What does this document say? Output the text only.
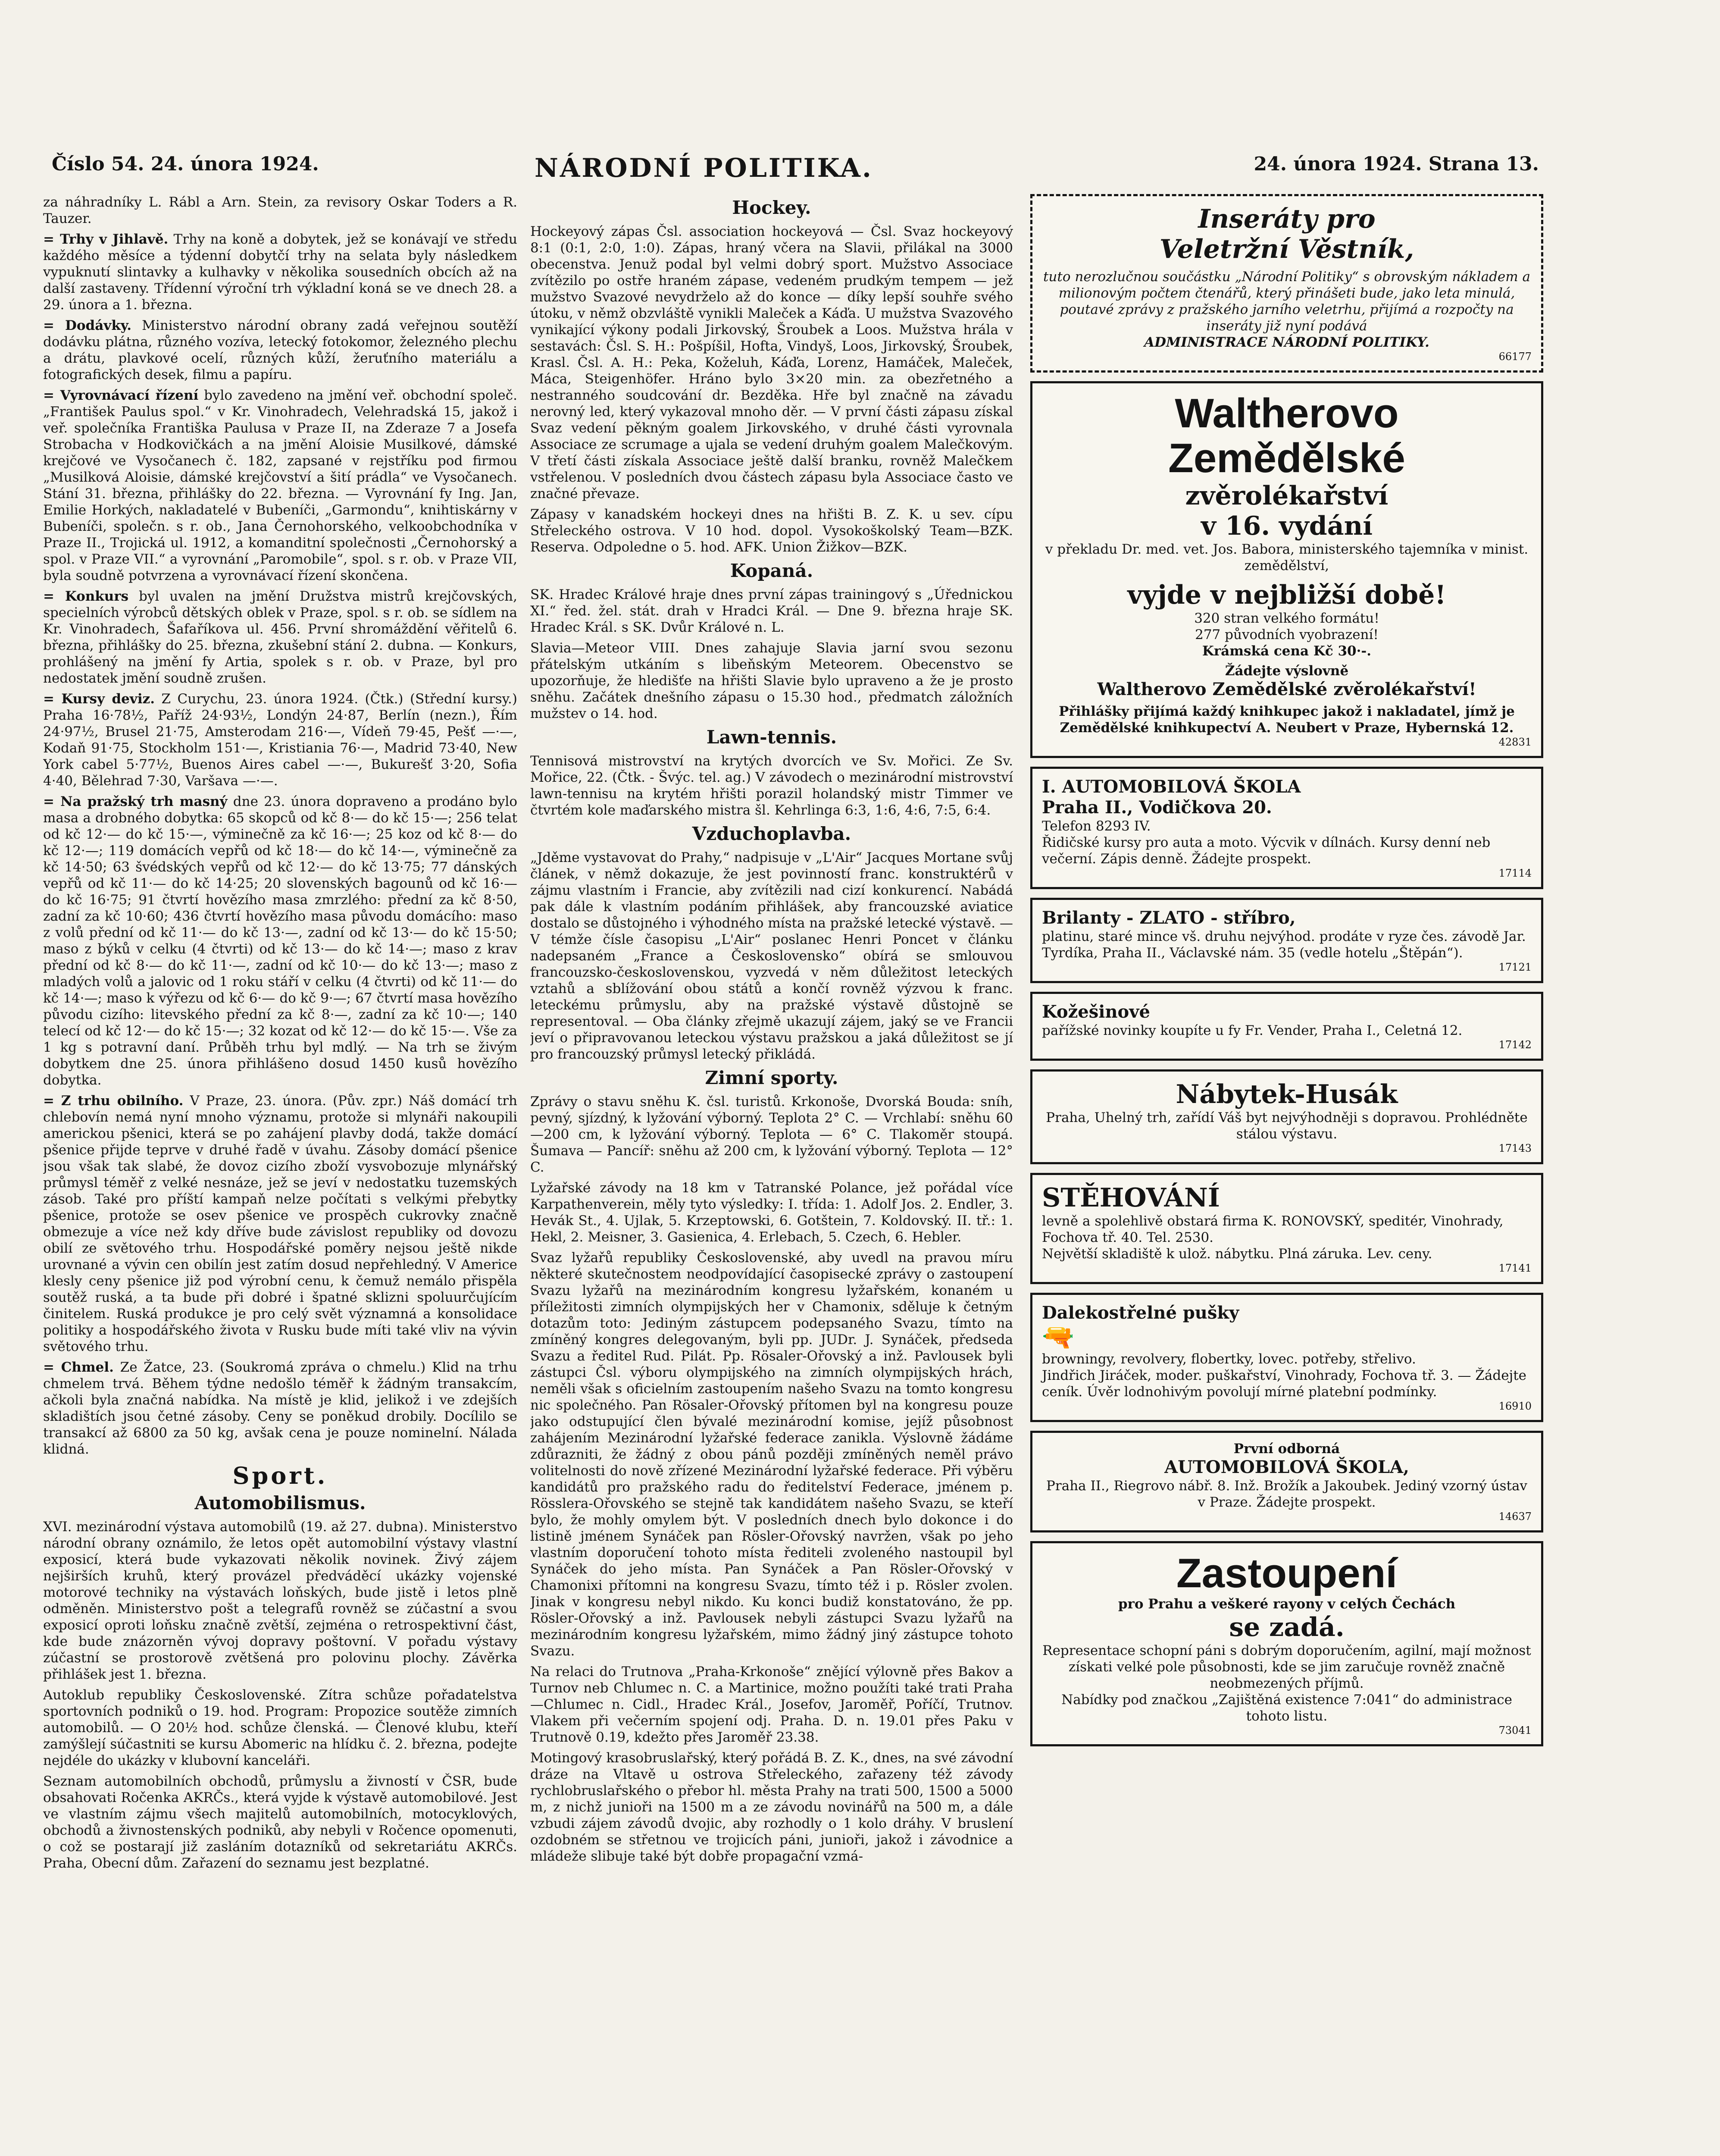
Číslo 54. 24. února 1924.	NÁRODNÍ POLITIKA.	24. února 1924. Strana 13.

za náhradníky L. Rábl a Arn. Stein, za revisory Oskar Toders a R. Tauzer.

= Trhy v Jihlavě. Trhy na koně a dobytek, jež se konávají ve středu každého měsíce a týdenní dobytčí trhy na selata byly následkem vypuknutí slintavky a kulhavky v několika sousedních obcích až na další zastaveny. Třídenní výroční trh výkladní koná se ve dnech 28. a 29. února a 1. března.

= Dodávky. Ministerstvo národní obrany zadá veřejnou soutěží dodávku plátna, různého vozíva, letecký fotokomor, železného plechu a drátu, plavkové ocelí, různých kůží, žeruťního materiálu a fotografických desek, filmu a papíru.

= Vyrovnávací řízení bylo zavedeno na jmění veř. obchodní společ. „František Paulus spol.“ v Kr. Vinohradech, Velehradská 15, jakož i veř. společníka Františka Paulusa v Praze II, na Zderaze 7 a Josefa Strobacha v Hodkovičkách a na jmění Aloisie Musilkové, dámské krejčové ve Vysočanech č. 182, zapsané v rejstříku pod firmou „Musilková Aloisie, dámské krejčovství a šití prádla“ ve Vysočanech. Stání 31. března, přihlášky do 22. března. — Vyrovnání fy Ing. Jan, Emilie Horkých, nakladatelé v Bubeníči, „Garmondu“, knihtiskárny v Bubeníči, společn. s r. ob., Jana Černohorského, velkoobchodníka v Praze II., Trojická ul. 1912, a komanditní společnosti „Černohorský a spol. v Praze VII.“ a vyrovnání „Paromobile“, spol. s r. ob. v Praze VII, byla soudně potvrzena a vyrovnávací řízení skončena.

= Konkurs byl uvalen na jmění Družstva mistrů krejčovských, specielních výrobců dětských oblek v Praze, spol. s r. ob. se sídlem na Kr. Vinohradech, Šafaříkova ul. 456. První shromáždění věřitelů 6. března, přihlášky do 25. března, zkušební stání 2. dubna. — Konkurs, prohlášený na jmění fy Artia, spolek s r. ob. v Praze, byl pro nedostatek jmění soudně zrušen.

= Kursy deviz. Z Curychu, 23. února 1924. (Čtk.) (Střední kursy.) Praha 16·78½, Paříž 24·93½, Londýn 24·87, Berlín (nezn.), Řím 24·97½, Brusel 21·75, Amsterodam 216·—, Vídeň 79·45, Pešť —·—, Kodaň 91·75, Stockholm 151·—, Kristiania 76·—, Madrid 73·40, New York cabel 5·77½, Buenos Aires cabel —·—, Bukurešť 3·20, Sofia 4·40, Bělehrad 7·30, Varšava —·—.

= Na pražský trh masný dne 23. února dopraveno a prodáno bylo masa a drobného dobytka: 65 skopců od kč 8·— do kč 15·—; 256 telat od kč 12·— do kč 15·—, výminečně za kč 16·—; 25 koz od kč 8·— do kč 12·—; 119 domácích vepřů od kč 18·— do kč 14·—, výminečně za kč 14·50; 63 švédských vepřů od kč 12·— do kč 13·75; 77 dánských vepřů od kč 11·— do kč 14·25; 20 slovenských bagounů od kč 16·— do kč 16·75; 91 čtvrtí hovězího masa zmrzlého: přední za kč 8·50, zadní za kč 10·60; 436 čtvrtí hovězího masa původu domácího: maso z volů přední od kč 11·— do kč 13·—, zadní od kč 13·— do kč 15·50; maso z býků v celku (4 čtvrti) od kč 13·— do kč 14·—; maso z krav přední od kč 8·— do kč 11·—, zadní od kč 10·— do kč 13·—; maso z mladých volů a jalovic od 1 roku stáří v celku (4 čtvrti) od kč 11·— do kč 14·—; maso k výřezu od kč 6·— do kč 9·—; 67 čtvrtí masa hovězího původu cizího: litevského přední za kč 8·—, zadní za kč 10·—; 140 telecí od kč 12·— do kč 15·—; 32 kozat od kč 12·— do kč 15·—. Vše za 1 kg s potravní daní. Průběh trhu byl mdlý. — Na trh se živým dobytkem dne 25. února přihlášeno dosud 1450 kusů hovězího dobytka.

= Z trhu obilního. V Praze, 23. února. (Pův. zpr.) Náš domácí trh chlebovín nemá nyní mnoho významu, protože si mlynáři nakoupili americkou pšenici, která se po zahájení plavby dodá, takže domácí pšenice přijde teprve v druhé řadě v úvahu. Zásoby domácí pšenice jsou však tak slabé, že dovoz cizího zboží vysvobozuje mlynářský průmysl téměř z velké nesnáze, jež se jeví v nedostatku tuzemských zásob. Také pro příští kampaň nelze počítati s velkými přebytky pšenice, protože se osev pšenice ve prospěch cukrovky značně obmezuje a více než kdy dříve bude závislost republiky od dovozu obilí ze světového trhu. Hospodářské poměry nejsou ještě nikde urovnané a vývin cen obilín jest zatím dosud nepřehledný. V Americe klesly ceny pšenice již pod výrobní cenu, k čemuž nemálo přispěla soutěž ruská, a ta bude při dobré i špatné sklizni spoluurčujícím činitelem. Ruská produkce je pro celý svět významná a konsolidace politiky a hospodářského života v Rusku bude míti také vliv na vývin světového trhu.

= Chmel. Ze Žatce, 23. (Soukromá zpráva o chmelu.) Klid na trhu chmelem trvá. Během týdne nedošlo téměř k žádným transakcím, ačkoli byla značná nabídka. Na místě je klid, jelikož i ve zdejších skladištích jsou četné zásoby. Ceny se poněkud drobily. Docílilo se transakcí až 6800 za 50 kg, avšak cena je pouze nominelní. Nálada klidná.

Sport.
Automobilismus.

XVI. mezinárodní výstava automobilů (19. až 27. dubna). Ministerstvo národní obrany oznámilo, že letos opět automobilní výstavy vlastní exposicí, která bude vykazovati několik novinek. Živý zájem nejširších kruhů, který provázel předváděcí ukázky vojenské motorové techniky na výstavách loňských, bude jistě i letos plně odměněn. Ministerstvo pošt a telegrafů rovněž se zúčastní a svou exposicí oproti loňsku značně zvětší, zejména o retrospektivní část, kde bude znázorněn vývoj dopravy poštovní. V pořadu výstavy zúčastní se prostorově zvětšená pro polovinu plochy. Závěrka přihlášek jest 1. března.

Autoklub republiky Československé. Zítra schůze pořadatelstva sportovních podniků o 19. hod. Program: Propozice soutěže zimních automobilů. — O 20½ hod. schůze členská. — Členové klubu, kteří zamýšlejí súčastniti se kursu Abomeric na hlídku č. 2. března, podejte nejdéle do ukázky v klubovní kanceláři.

Seznam automobilních obchodů, průmyslu a živností v ČSR, bude obsahovati Ročenka AKRČs., která vyjde k výstavě automobilové. Jest ve vlastním zájmu všech majitelů automobilních, motocyklových, obchodů a živnostenských podniků, aby nebyli v Ročence opomenuti, o což se postarají již zasláním dotazníků od sekretariátu AKRČs. Praha, Obecní dům. Zařazení do seznamu jest bezplatné.

Hockey.

Hockeyový zápas Čsl. association hockeyová — Čsl. Svaz hockeyový 8:1 (0:1, 2:0, 1:0). Zápas, hraný včera na Slavii, přilákal na 3000 obecenstva. Jenuž podal byl velmi dobrý sport. Mužstvo Associace zvítězilo po ostře hraném zápase, vedeném prudkým tempem — jež mužstvo Svazové nevydrželo až do konce — díky lepší souhře svého útoku, v němž obzvláště vynikli Maleček a Káďa. U mužstva Svazového vynikající výkony podali Jirkovský, Šroubek a Loos. Mužstva hrála v sestavách: Čsl. S. H.: Pošpíšil, Hofta, Vindyš, Loos, Jirkovský, Šroubek, Krasl. Čsl. A. H.: Peka, Koželuh, Káďa, Lorenz, Hamáček, Maleček, Máca, Steigenhöfer. Hráno bylo 3×20 min. za obezřetného a nestranného soudcování dr. Bezděka. Hře byl značně na závadu nerovný led, který vykazoval mnoho děr. — V první části zápasu získal Svaz vedení pěkným goalem Jirkovského, v druhé části vyrovnala Associace ze scrumage a ujala se vedení druhým goalem Malečkovým. V třetí části získala Associace ještě další branku, rovněž Malečkem vstřelenou. V posledních dvou částech zápasu byla Associace často ve značné převaze.

Zápasy v kanadském hockeyi dnes na hřišti B. Z. K. u sev. cípu Střeleckého ostrova. V 10 hod. dopol. Vysokoškolský Team—BZK. Reserva. Odpoledne o 5. hod. AFK. Union Žižkov—BZK.

Kopaná.

SK. Hradec Králové hraje dnes první zápas trainingový s „Úřednickou XI.“ řed. žel. stát. drah v Hradci Král. — Dne 9. března hraje SK. Hradec Král. s SK. Dvůr Králové n. L.

Slavia—Meteor VIII. Dnes zahajuje Slavia jarní svou sezonu přátelským utkáním s libeňským Meteorem. Obecenstvo se upozorňuje, že hledišťe na hřišti Slavie bylo upraveno a že je prosto sněhu. Začátek dnešního zápasu o 15.30 hod., předmatch záložních mužstev o 14. hod.

Lawn-tennis.

Tennisová mistrovství na krytých dvorcích ve Sv. Mořici. Ze Sv. Mořice, 22. (Čtk. - Švýc. tel. ag.) V závodech o mezinárodní mistrovství lawn-tennisu na krytém hřišti porazil holandský mistr Timmer ve čtvrtém kole maďarského mistra šl. Kehrlinga 6:3, 1:6, 4:6, 7:5, 6:4.

Vzduchoplavba.

„Jděme vystavovat do Prahy,“ nadpisuje v „L'Air“ Jacques Mortane svůj článek, v němž dokazuje, že jest povinností franc. konstruktérů v zájmu vlastním i Francie, aby zvítězili nad cizí konkurencí. Nabádá pak dále k vlastním podáním přihlášek, aby francouzské aviatice dostalo se důstojného i výhodného místa na pražské letecké výstavě. — V témže čísle časopisu „L'Air“ poslanec Henri Poncet v článku nadepsaném „France a Československo“ obírá se smlouvou francouzsko-československou, vyzvedá v něm důležitost leteckých vztahů a sblížování obou států a končí rovněž výzvou k franc. leteckému průmyslu, aby na pražské výstavě důstojně se representoval. — Oba články zřejmě ukazují zájem, jaký se ve Francii jeví o připravovanou leteckou výstavu pražskou a jaká důležitost se jí pro francouzský průmysl letecký přikládá.

Zimní sporty.

Zprávy o stavu sněhu K. čsl. turistů. Krkonoše, Dvorská Bouda: sníh, pevný, sjízdný, k lyžování výborný. Teplota 2° C. — Vrchlabí: sněhu 60—200 cm, k lyžování výborný. Teplota — 6° C. Tlakoměr stoupá. Šumava — Pancíř: sněhu až 200 cm, k lyžování výborný. Teplota — 12° C.

Lyžařské závody na 18 km v Tatranské Polance, jež pořádal více Karpathenverein, měly tyto výsledky: I. třída: 1. Adolf Jos. 2. Endler, 3. Hevák St., 4. Ujlak, 5. Krzeptowski, 6. Gotštein, 7. Koldovský. II. tř.: 1. Hekl, 2. Meisner, 3. Gasienica, 4. Erlebach, 5. Czech, 6. Hebler.

Svaz lyžařů republiky Československé, aby uvedl na pravou míru některé skutečnostem neodpovídající časopisecké zprávy o zastoupení Svazu lyžařů na mezinárodním kongresu lyžařském, konaném u příležitosti zimních olympijských her v Chamonix, sděluje k četným dotazům toto: Jediným zástupcem podepsaného Svazu, tímto na zmíněný kongres delegovaným, byli pp. JUDr. J. Synáček, předseda Svazu a ředitel Rud. Pilát. Pp. Rösaler-Ořovský a inž. Pavlousek byli zástupci Čsl. výboru olympijského na zimních olympijských hrách, neměli však s oficielním zastoupením našeho Svazu na tomto kongresu nic společného. Pan Rösaler-Ořovský přítomen byl na kongresu pouze jako odstupující člen bývalé mezinárodní komise, jejíž působnost zahájením Mezinárodní lyžařské federace zanikla. Výslovně žádáme zdůrazniti, že žádný z obou pánů později zmíněných neměl právo volitelnosti do nově zřízené Mezinárodní lyžařské federace. Při výběru kandidátů pro pražského radu do ředitelství Federace, jménem p. Rösslera-Ořovského se stejně tak kandidátem našeho Svazu, se kteří bylo, že mohly omylem být. V posledních dnech bylo dokonce i do listině jménem Synáček pan Rösler-Ořovský navržen, však po jeho vlastním doporučení tohoto místa řediteli zvoleného nastoupil byl Synáček do jeho místa. Pan Synáček a Pan Rösler-Ořovský v Chamonixi přítomni na kongresu Svazu, tímto též i p. Rösler zvolen. Jinak v kongresu nebyl nikdo. Ku konci budiž konstatováno, že pp. Rösler-Ořovský a inž. Pavlousek nebyli zástupci Svazu lyžařů na mezinárodním kongresu lyžařském, mimo žádný jiný zástupce tohoto Svazu.

Na relaci do Trutnova „Praha-Krkonoše“ znějící výlovně přes Bakov a Turnov neb Chlumec n. C. a Martinice, možno použíti také trati Praha—Chlumec n. Cidl., Hradec Král., Josefov, Jaroměř, Poříčí, Trutnov. Vlakem při večerním spojení odj. Praha. D. n. 19.01 přes Paku v Trutnově 0.19, kdežto přes Jaroměř 23.38.

Motingový krasobruslařský, který pořádá B. Z. K., dnes, na své závodní dráze na Vltavě u ostrova Střeleckého, zařazeny též závody rychlobruslařského o přebor hl. města Prahy na trati 500, 1500 a 5000 m, z nichž junioři na 1500 m a ze závodu novinářů na 500 m, a dále vzbudi zájem závodů dvojic, aby rozhodly o 1 kolo dráhy. V bruslení ozdobném se střetnou ve trojicích páni, junioři, jakož i závodnice a mládeže slibuje také být dobře propagační vzmá-

Inseráty pro
Veletržní Věstník,
tuto nerozlučnou součástku „Národní Politiky“ s obrovským nákladem a milionovým počtem čtenářů, který přinášeti bude, jako leta minulá, poutavé zprávy z pražského jarního veletrhu, přijímá a rozpočty na inseráty již nyní podává
ADMINISTRACE NÁRODNÍ POLITIKY.
66177
Waltherovo
Zemědělské
zvěrolékařství
v 16. vydání
v překladu Dr. med. vet. Jos. Babora, ministerského tajemníka v minist. zemědělství,
vyjde v nejbližší době!
320 stran velkého formátu!
277 původních vyobrazení!
Krámská cena Kč 30·-.
Žádejte výslovně
Waltherovo Zemědělské zvěrolékařství!
Přihlášky přijímá každý knihkupec jakož i nakladatel, jímž je Zemědělské knihkupectví A. Neubert v Praze, Hybernská 12.
42831
I. AUTOMOBILOVÁ ŠKOLA
Praha II., Vodičkova 20.
Telefon 8293 IV.
Řidičské kursy pro auta a moto. Výcvik v dílnách. Kursy denní neb večerní. Zápis denně. Žádejte prospekt.
17114
Brilanty - ZLATO - stříbro,
platinu, staré mince vš. druhu nejvýhod. prodáte v ryze čes. závodě Jar. Tyrdíka, Praha II., Václavské nám. 35 (vedle hotelu „Štěpán“).
17121
Kožešinové
pařížské novinky koupíte u fy Fr. Vender, Praha I., Celetná 12.
17142
Nábytek-Husák
Praha, Uhelný trh, zařídí Váš byt nejvýhodněji s dopravou. Prohlédněte stálou výstavu.
17143
STĚHOVÁNÍ
levně a spolehlivě obstará firma K. RONOVSKÝ, speditér, Vinohrady, Fochova tř. 40. Tel. 2530.
Největší skladiště k ulož. nábytku. Plná záruka. Lev. ceny.
17141
Dalekostřelné pušky
🔫
browningy, revolvery, flobertky, lovec. potřeby, střelivo.
Jindřich Jiráček, moder. puškařství, Vinohrady, Fochova tř. 3. — Žádejte ceník. Úvěr lodnohivým povolují mírné platební podmínky.
16910
První odborná
AUTOMOBILOVÁ ŠKOLA,
Praha II., Riegrovo nábř. 8. Inž. Brožík a Jakoubek. Jediný vzorný ústav v Praze. Žádejte prospekt.
14637
Zastoupení
pro Prahu a veškeré rayony v celých Čechách
se zadá.
Representace schopní páni s dobrým doporučením, agilní, mají možnost získati velké pole působnosti, kde se jim zaručuje rovněž značně neobmezených příjmů.
Nabídky pod značkou „Zajištěná existence 7:041“ do administrace tohoto listu.
73041
